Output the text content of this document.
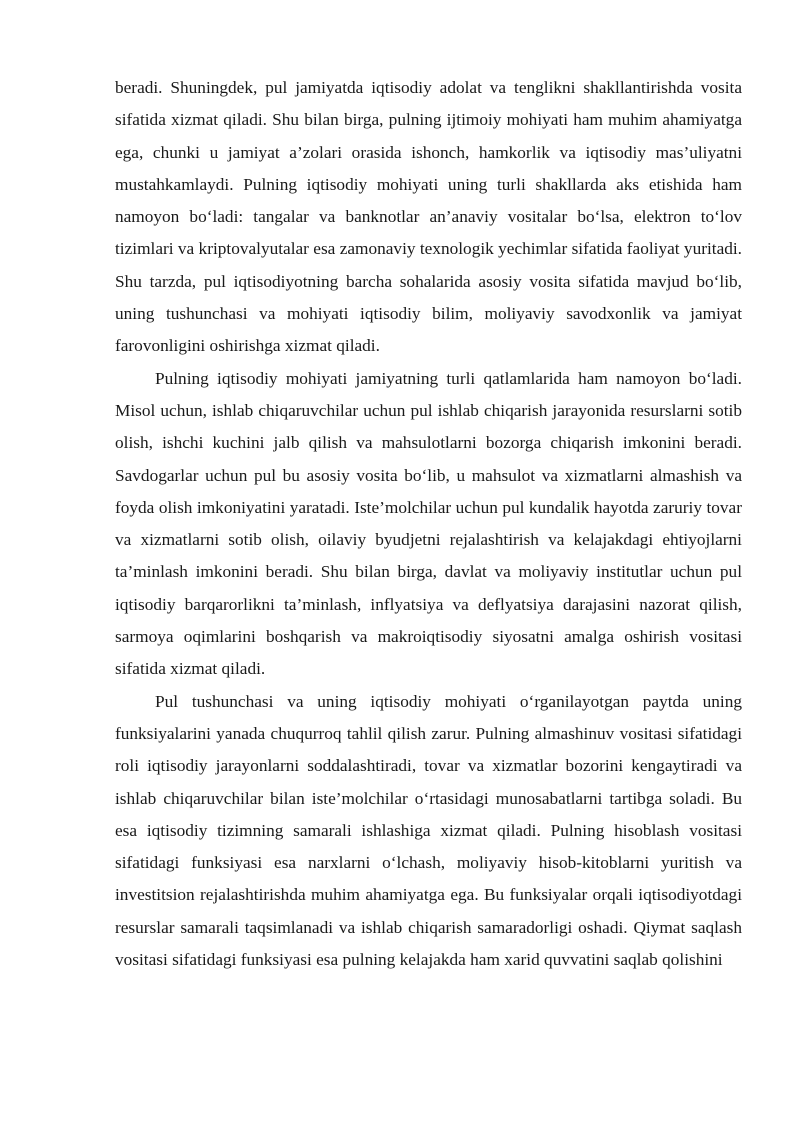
beradi. Shuningdek, pul jamiyatda iqtisodiy adolat va tenglikni shakllantirishda vosita sifatida xizmat qiladi. Shu bilan birga, pulning ijtimoiy mohiyati ham muhim ahamiyatga ega, chunki u jamiyat a’zolari orasida ishonch, hamkorlik va iqtisodiy mas’uliyatni mustahkamlaydi. Pulning iqtisodiy mohiyati uning turli shakllarda aks etishida ham namoyon bo‘ladi: tangalar va banknotlar an’anaviy vositalar bo‘lsa, elektron to‘lov tizimlari va kriptovalyutalar esa zamonaviy texnologik yechimlar sifatida faoliyat yuritadi. Shu tarzda, pul iqtisodiyotning barcha sohalarida asosiy vosita sifatida mavjud bo‘lib, uning tushunchasi va mohiyati iqtisodiy bilim, moliyaviy savodxonlik va jamiyat farovonligini oshirishga xizmat qiladi.

Pulning iqtisodiy mohiyati jamiyatning turli qatlamlarida ham namoyon bo‘ladi. Misol uchun, ishlab chiqaruvchilar uchun pul ishlab chiqarish jarayonida resurslarni sotib olish, ishchi kuchini jalb qilish va mahsulotlarni bozorga chiqarish imkonini beradi. Savdogarlar uchun pul bu asosiy vosita bo‘lib, u mahsulot va xizmatlarni almashish va foyda olish imkoniyatini yaratadi. Iste’molchilar uchun pul kundalik hayotda zaruriy tovar va xizmatlarni sotib olish, oilaviy byudjetni rejalashtirish va kelajakdagi ehtiyojlarni ta’minlash imkonini beradi. Shu bilan birga, davlat va moliyaviy institutlar uchun pul iqtisodiy barqarorlikni ta’minlash, inflyatsiya va deflyatsiya darajasini nazorat qilish, sarmoya oqimlarini boshqarish va makroiqtisodiy siyosatni amalga oshirish vositasi sifatida xizmat qiladi.

Pul tushunchasi va uning iqtisodiy mohiyati o‘rganilayotgan paytda uning funksiyalarini yanada chuqurroq tahlil qilish zarur. Pulning almashinuv vositasi sifatidagi roli iqtisodiy jarayonlarni soddalashtiradi, tovar va xizmatlar bozorini kengaytiradi va ishlab chiqaruvchilar bilan iste’molchilar o‘rtasidagi munosabatlarni tartibga soladi. Bu esa iqtisodiy tizimning samarali ishlashiga xizmat qiladi. Pulning hisoblash vositasi sifatidagi funksiyasi esa narxlarni o‘lchash, moliyaviy hisob-kitoblarni yuritish va investitsion rejalashtirishda muhim ahamiyatga ega. Bu funksiyalar orqali iqtisodiyotdagi resurslar samarali taqsimlanadi va ishlab chiqarish samaradorligi oshadi. Qiymat saqlash vositasi sifatidagi funksiyasi esa pulning kelajakda ham xarid quvvatini saqlab qolishini
